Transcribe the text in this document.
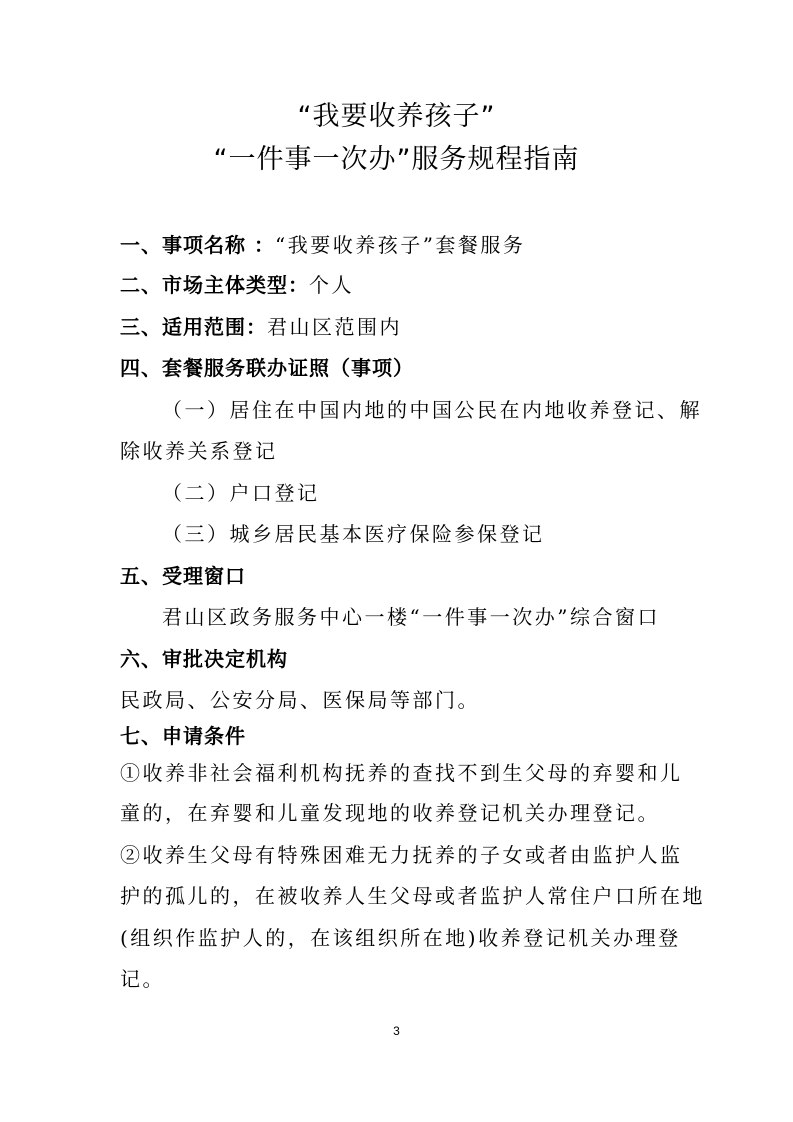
“我要收养孩子”
“一件事一次办”服务规程指南
一、事项名称 ：“我要收养孩子”套餐服务
二、市场主体类型：个人
三、适用范围：君山区范围内
四、套餐服务联办证照（事项）
（一）居住在中国内地的中国公民在内地收养登记、解
除收养关系登记
（二）户口登记
（三）城乡居民基本医疗保险参保登记
五、受理窗口
君山区政务服务中心一楼“一件事一次办”综合窗口
六、审批决定机构
民政局、公安分局、医保局等部门。
七、申请条件
①收养非社会福利机构抚养的查找不到生父母的弃婴和儿
童的，在弃婴和儿童发现地的收养登记机关办理登记。
②收养生父母有特殊困难无力抚养的子女或者由监护人监
护的孤儿的，在被收养人生父母或者监护人常住户口所在地
(组织作监护人的，在该组织所在地)收养登记机关办理登
记。
3
